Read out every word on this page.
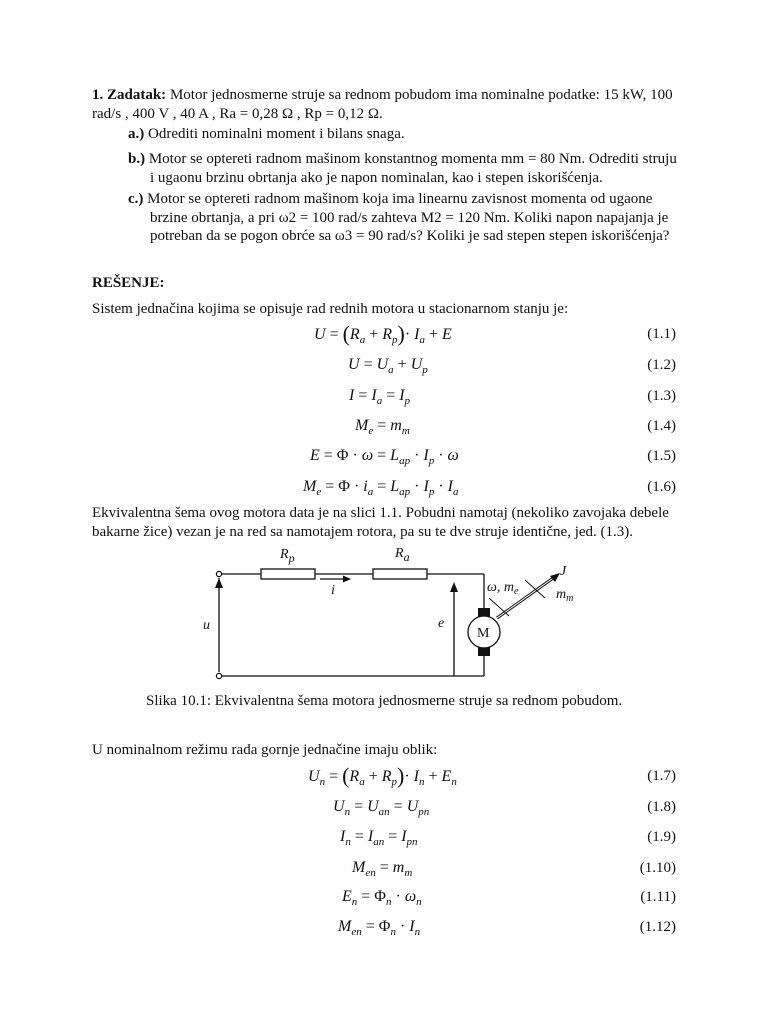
1. Zadatak: Motor jednosmerne struje sa rednom pobudom ima nominalne podatke: 15 kW, 100 rad/s , 400 V , 40 A , Ra = 0,28 Ω , Rp = 0,12 Ω.
a.) Odrediti nominalni moment i bilans snaga.
b.) Motor se optereti radnom mašinom konstantnog momenta mm = 80 Nm. Odrediti struju
i ugaonu brzinu obrtanja ako je napon nominalan, kao i stepen iskorišćenja.
c.) Motor se optereti radnom mašinom koja ima linearnu zavisnost momenta od ugaone
brzine obrtanja, a pri ω2 = 100 rad/s zahteva M2 = 120 Nm. Koliki napon napajanja je
potreban da se pogon obrće sa ω3 = 90 rad/s? Koliki je sad stepen stepen iskorišćenja?
REŠENJE:
Sistem jednačina kojima se opisuje rad rednih motora u stacionarnom stanju je:
$U = (R_a + R_p)\cdot I_a + E$	(1.1)
$U = U_a + U_p$	(1.2)
$I = I_a = I_p$	(1.3)
$M_e = m_m$	(1.4)
$E = \Phi \cdot \omega = L_{ap} \cdot I_p \cdot \omega$	(1.5)
$M_e = \Phi \cdot i_a = L_{ap} \cdot I_p \cdot I_a$	(1.6)
Ekvivalentna šema ovog motora data je na slici 1.1. Pobudni namotaj (nekoliko zavojaka debele
bakarne žice) vezan je na red sa namotajem rotora, pa su te dve struje identične, jed. (1.3).
Rp	Ra
i
u	e
ω, $m_e$
J
$m_m$
M
Slika 10.1: Ekvivalentna šema motora jednosmerne struje sa rednom pobudom.
U nominalnom režimu rada gornje jednačine imaju oblik:
$U_n = (R_a + R_p)\cdot I_n + E_n$	(1.7)
$U_n = U_{an} = U_{pn}$	(1.8)
$I_n = I_{an} = I_{pn}$	(1.9)
$M_{en} = m_m$	(1.10)
$E_n = \Phi_n \cdot \omega_n$	(1.11)
$M_{en} = \Phi_n \cdot I_n$	(1.12)
